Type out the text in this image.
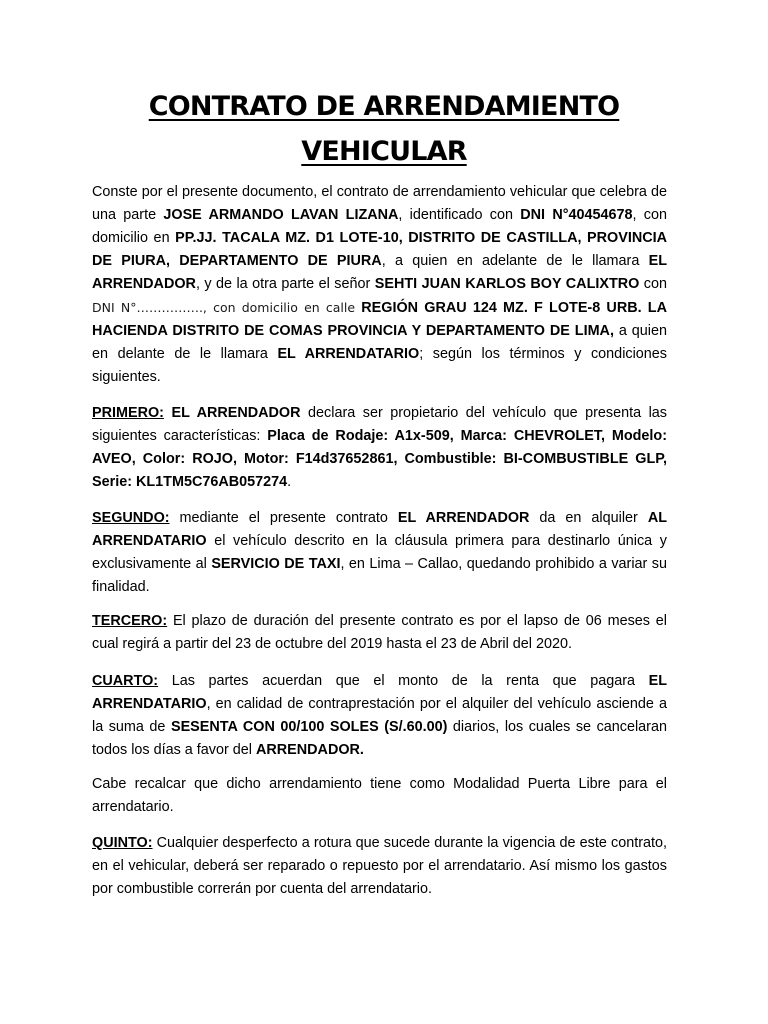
CONTRATO DE ARRENDAMIENTO
VEHICULAR

Conste por el presente documento, el contrato de arrendamiento vehicular que celebra de una parte JOSE ARMANDO LAVAN LIZANA, identificado con DNI N°40454678, con domicilio en PP.JJ. TACALA MZ. D1 LOTE-10, DISTRITO DE CASTILLA, PROVINCIA DE PIURA, DEPARTAMENTO DE PIURA, a quien en adelante de le llamara EL ARRENDADOR, y de la otra parte el señor SEHTI JUAN KARLOS BOY CALIXTRO con DNI N°……………., con domicilio en calle REGIÓN GRAU 124 MZ. F LOTE-8 URB. LA HACIENDA DISTRITO DE COMAS PROVINCIA Y DEPARTAMENTO DE LIMA, a quien en delante de le llamara EL ARRENDATARIO; según los términos y condiciones siguientes.

PRIMERO: EL ARRENDADOR declara ser propietario del vehículo que presenta las siguientes características: Placa de Rodaje: A1x-509, Marca: CHEVROLET, Modelo: AVEO, Color: ROJO, Motor: F14d37652861, Combustible: BI-COMBUSTIBLE GLP, Serie: KL1TM5C76AB057274.

SEGUNDO: mediante el presente contrato EL ARRENDADOR da en alquiler AL ARRENDATARIO el vehículo descrito en la cláusula primera para destinarlo única y exclusivamente al SERVICIO DE TAXI, en Lima – Callao, quedando prohibido a variar su finalidad.

TERCERO: El plazo de duración del presente contrato es por el lapso de 06 meses el cual regirá a partir del 23 de octubre del 2019 hasta el 23 de Abril del 2020.

CUARTO: Las partes acuerdan que el monto de la renta que pagara EL ARRENDATARIO, en calidad de contraprestación por el alquiler del vehículo asciende a la suma de SESENTA CON 00/100 SOLES (S/.60.00) diarios, los cuales se cancelaran todos los días a favor del ARRENDADOR.

Cabe recalcar que dicho arrendamiento tiene como Modalidad Puerta Libre para el arrendatario.

QUINTO: Cualquier desperfecto a rotura que sucede durante la vigencia de este contrato, en el vehicular, deberá ser reparado o repuesto por el arrendatario. Así mismo los gastos por combustible correrán por cuenta del arrendatario.
